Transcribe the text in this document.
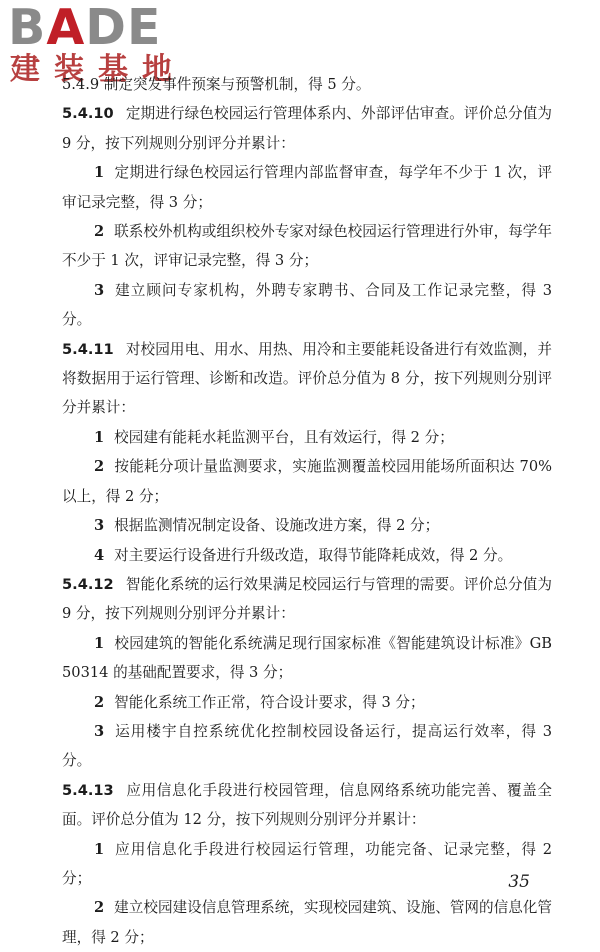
BADE
建装基地

5.4.9 制定突发事件预案与预警机制，得 5 分。

5.4.10 定期进行绿色校园运行管理体系内、外部评估审查。评价总分值为 9 分，按下列规则分别评分并累计：

1 定期进行绿色校园运行管理内部监督审查，每学年不少于 1 次，评审记录完整，得 3 分；

2 联系校外机构或组织校外专家对绿色校园运行管理进行外审，每学年不少于 1 次，评审记录完整，得 3 分；

3 建立顾问专家机构，外聘专家聘书、合同及工作记录完整，得 3 分。

5.4.11 对校园用电、用水、用热、用冷和主要能耗设备进行有效监测，并将数据用于运行管理、诊断和改造。评价总分值为 8 分，按下列规则分别评分并累计：

1 校园建有能耗水耗监测平台，且有效运行，得 2 分；

2 按能耗分项计量监测要求，实施监测覆盖校园用能场所面积达 70%以上，得 2 分；

3 根据监测情况制定设备、设施改进方案，得 2 分；

4 对主要运行设备进行升级改造，取得节能降耗成效，得 2 分。

5.4.12 智能化系统的运行效果满足校园运行与管理的需要。评价总分值为 9 分，按下列规则分别评分并累计：

1 校园建筑的智能化系统满足现行国家标准《智能建筑设计标准》GB 50314 的基础配置要求，得 3 分；

2 智能化系统工作正常，符合设计要求，得 3 分；

3 运用楼宇自控系统优化控制校园设备运行，提高运行效率，得 3 分。

5.4.13 应用信息化手段进行校园管理，信息网络系统功能完善、覆盖全面。评价总分值为 12 分，按下列规则分别评分并累计：

1 应用信息化手段进行校园运行管理，功能完备、记录完整，得 2 分；

2 建立校园建设信息管理系统，实现校园建筑、设施、管网的信息化管理，得 2 分；

35
